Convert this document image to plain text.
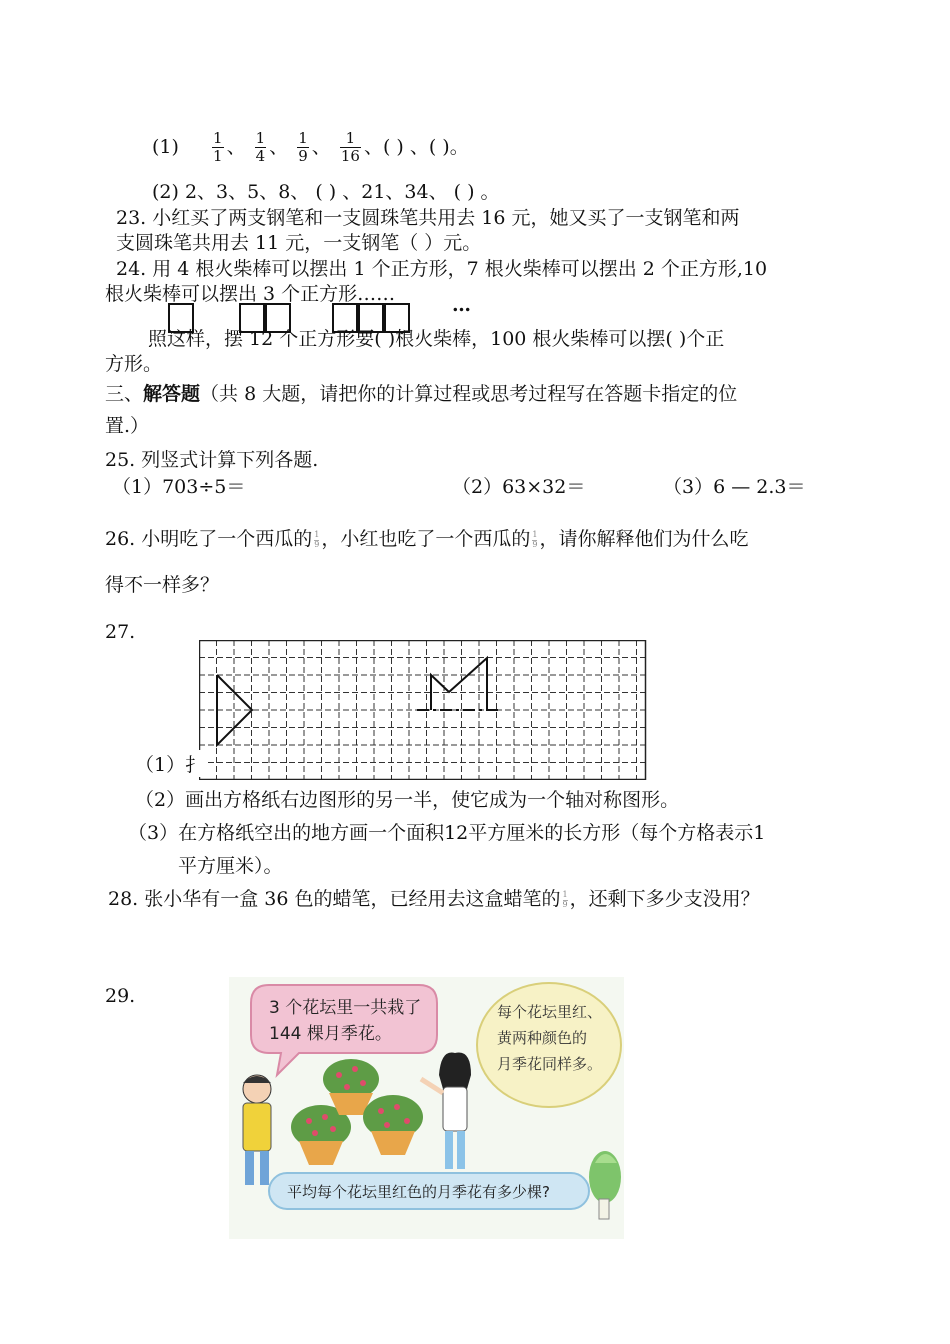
$(1) \frac{1}{1}$ 、 $\frac{1}{4}$ 、 $\frac{1}{9}$ 、 $\frac{1}{16}$ 、( ) 、( )。
(2) 2、3、5、8、 ( ) 、21、34、 ( ) 。
23. 小红买了两支钢笔和一支圆珠笔共用去 16 元，她又买了一支钢笔和两
支圆珠笔共用去 11 元，一支钢笔（ ）元。
24. 用 4 根火柴棒可以摆出 1 个正方形，7 根火柴棒可以摆出 2 个正方形,10
根火柴棒可以摆出 3 个正方形……	…
照这样，摆 12 个正方形要( )根火柴棒，100 根火柴棒可以摆( )个正
方形。
三、解答题（共 8 大题，请把你的计算过程或思考过程写在答题卡指定的位
置.）
25. 列竖式计算下列各题.
（1）703÷5＝	（2）63×32＝	（3）6 — 2.3＝
26. 小明吃了一个西瓜的 $\frac{1}{9}$ ，小红也吃了一个西瓜的 $\frac{1}{9}$ ，请你解释他们为什么吃
得不一样多？
27.
（1）⁠扌
（2）画出方格纸右边图形的另一半，使它成为一个轴对称图形。
（3）在方格纸空出的地方画一个面积12平方厘米的长方形（每个方格表示1
平方厘米）。
28. 张小华有一盒 36 色的蜡笔，已经用去这盒蜡笔的 $\frac{1}{9}$ ，还剩下多少支没用？
29.
3 个花坛里一共栽了
144 棵月季花。
每个花坛里红、
黄两种颜色的
月季花同样多。
平均每个花坛里红色的月季花有多少棵?
